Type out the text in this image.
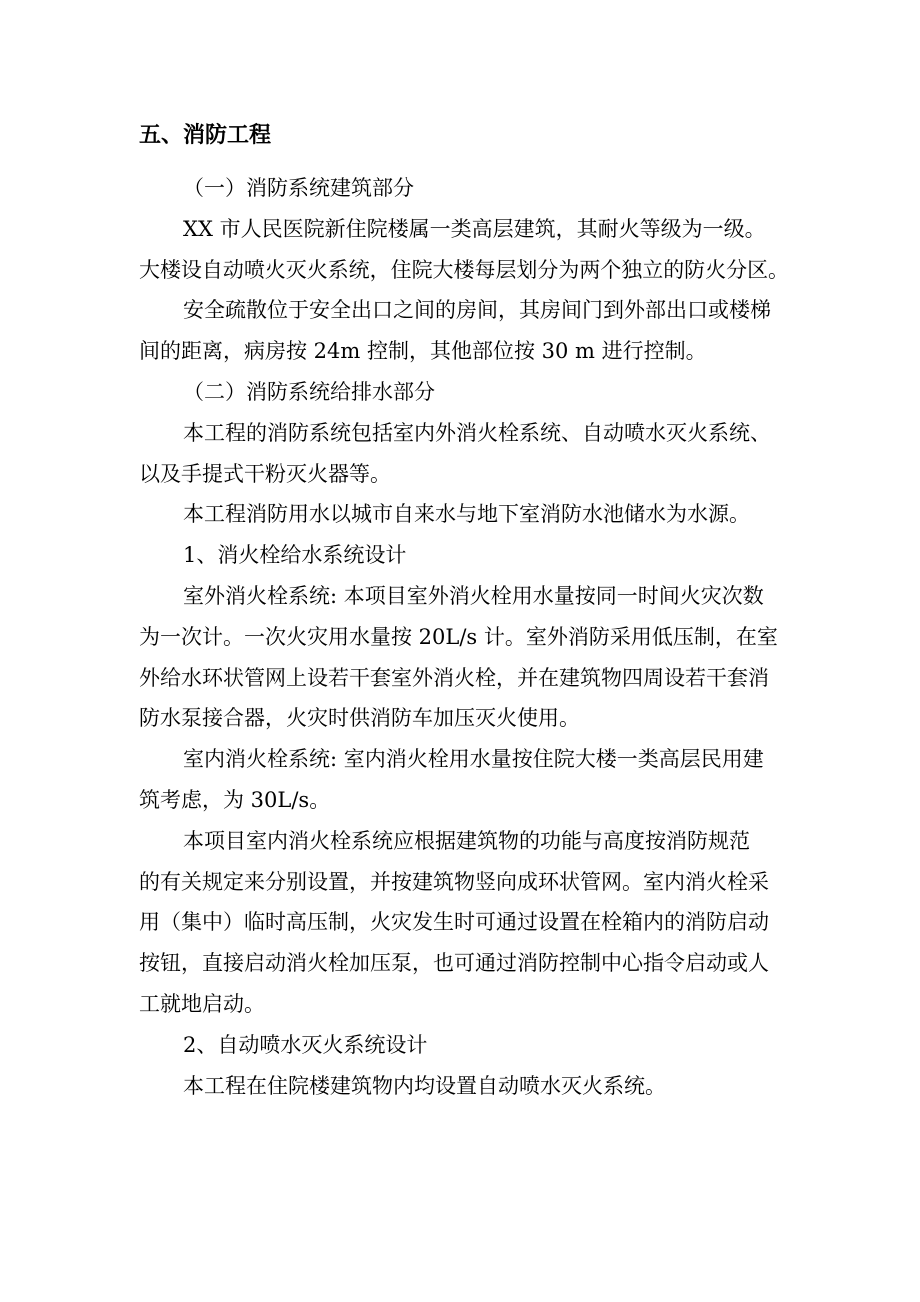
五、消防工程
（一）消防系统建筑部分
XX 市人民医院新住院楼属一类高层建筑，其耐火等级为一级。
大楼设自动喷火灭火系统，住院大楼每层划分为两个独立的防火分区。
安全疏散位于安全出口之间的房间，其房间门到外部出口或楼梯
间的距离，病房按 24m 控制，其他部位按 30 m 进行控制。
（二）消防系统给排水部分
本工程的消防系统包括室内外消火栓系统、自动喷水灭火系统、
以及手提式干粉灭火器等。
本工程消防用水以城市自来水与地下室消防水池储水为水源。
1、消火栓给水系统设计
室外消火栓系统: 本项目室外消火栓用水量按同一时间火灾次数
为一次计。一次火灾用水量按 20L/s 计。室外消防采用低压制，在室
外给水环状管网上设若干套室外消火栓，并在建筑物四周设若干套消
防水泵接合器，火灾时供消防车加压灭火使用。
室内消火栓系统: 室内消火栓用水量按住院大楼一类高层民用建
筑考虑，为 30L/s。
本项目室内消火栓系统应根据建筑物的功能与高度按消防规范
的有关规定来分别设置，并按建筑物竖向成环状管网。室内消火栓采
用（集中）临时高压制，火灾发生时可通过设置在栓箱内的消防启动
按钮，直接启动消火栓加压泵，也可通过消防控制中心指令启动或人
工就地启动。
2、自动喷水灭火系统设计
本工程在住院楼建筑物内均设置自动喷水灭火系统。
